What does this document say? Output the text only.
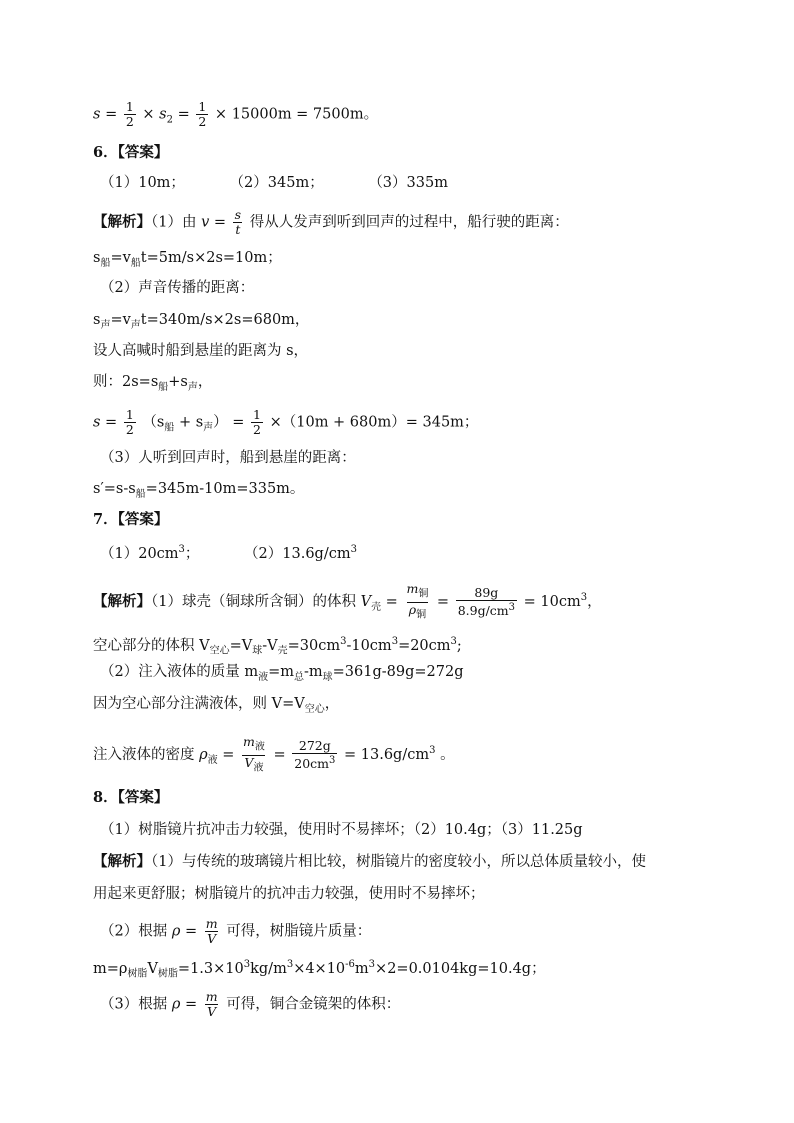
$s = \frac{1}{2} \times s_2 = \frac{1}{2} \times 15000m = 7500m$。
6．【答案】
（1）10m；	（2）345m；	（3）335m
【解析】（1）由 $v = \frac{s}{t}$ 得从人发声到听到回声的过程中，船行驶的距离：
$s_船=v_船t=5m/s\times 2s=10m$；
（2）声音传播的距离：
$s_声=v_声t=340m/s\times 2s=680m$，
设人高喊时船到悬崖的距离为 s，
则：$2s=s_船+s_声$，
$s = \frac{1}{2} (s_船 + s_声) = \frac{1}{2} \times(10m + 680m)= 345m$；
（3）人听到回声时，船到悬崖的距离：
$s'=s-s_船=345m-10m=335m$。
7．【答案】
$(1)20cm^3$；	$(2)13.6g/cm^3$
【解析】（1）球壳（铜球所含铜）的体积 $V_壳 = \frac{m_铜}{\rho_铜} = \frac{89g}{8.9g/cm^3} = 10cm^3$，
空心部分的体积 $V_{空心}=V_球-V_壳=30cm^3-10cm^3=20cm^3$;
（2）注入液体的质量 $m_液=m_总-m_球=361g-89g=272g$
因为空心部分注满液体，则 $V=V_{空心}$，
注入液体的密度 $\rho_液 = \frac{m_液}{V_液} = \frac{272g}{20cm^3} = 13.6g/cm^3$ 。
8．【答案】
（1）树脂镜片抗冲击力较强，使用时不易摔坏；（2）10.4g；（3）11.25g
【解析】（1）与传统的玻璃镜片相比较，树脂镜片的密度较小，所以总体质量较小，使
用起来更舒服；树脂镜片的抗冲击力较强，使用时不易摔坏；
（2）根据 $\rho = \frac{m}{V}$ 可得，树脂镜片质量：
$m=\rho_{树脂}V_{树脂}=1.3\times 10^3kg/m^3\times 4\times 10^{-6}m^3\times 2=0.0104kg=10.4g$；
（3）根据 $\rho = \frac{m}{V}$ 可得，铜合金镜架的体积：
